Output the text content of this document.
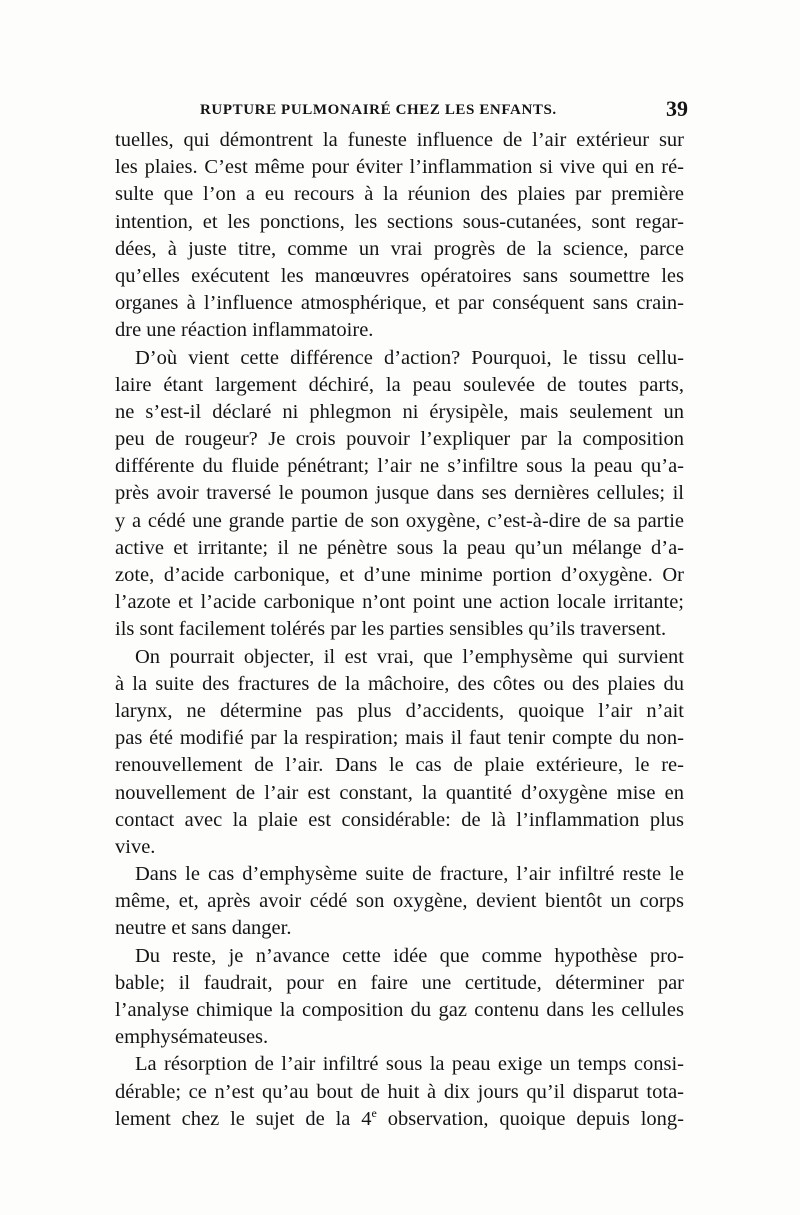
RUPTURE PULMONAIRÉ CHEZ LES ENFANTS.	39
tuelles, qui démontrent la funeste influence de l’air extérieur sur
les plaies. C’est même pour éviter l’inflammation si vive qui en ré-
sulte que l’on a eu recours à la réunion des plaies par première
intention, et les ponctions, les sections sous-cutanées, sont regar-
dées, à juste titre, comme un vrai progrès de la science, parce
qu’elles exécutent les manœuvres opératoires sans soumettre les
organes à l’influence atmosphérique, et par conséquent sans crain-
dre une réaction inflammatoire.
D’où vient cette différence d’action? Pourquoi, le tissu cellu-
laire étant largement déchiré, la peau soulevée de toutes parts,
ne s’est-il déclaré ni phlegmon ni érysipèle, mais seulement un
peu de rougeur? Je crois pouvoir l’expliquer par la composition
différente du fluide pénétrant; l’air ne s’infiltre sous la peau qu’a-
près avoir traversé le poumon jusque dans ses dernières cellules; il
y a cédé une grande partie de son oxygène, c’est-à-dire de sa partie
active et irritante; il ne pénètre sous la peau qu’un mélange d’a-
zote, d’acide carbonique, et d’une minime portion d’oxygène. Or
l’azote et l’acide carbonique n’ont point une action locale irritante;
ils sont facilement tolérés par les parties sensibles qu’ils traversent.
On pourrait objecter, il est vrai, que l’emphysème qui survient
à la suite des fractures de la mâchoire, des côtes ou des plaies du
larynx, ne détermine pas plus d’accidents, quoique l’air n’ait
pas été modifié par la respiration; mais il faut tenir compte du non-
renouvellement de l’air. Dans le cas de plaie extérieure, le re-
nouvellement de l’air est constant, la quantité d’oxygène mise en
contact avec la plaie est considérable: de là l’inflammation plus
vive.
Dans le cas d’emphysème suite de fracture, l’air infiltré reste le
même, et, après avoir cédé son oxygène, devient bientôt un corps
neutre et sans danger.
Du reste, je n’avance cette idée que comme hypothèse pro-
bable; il faudrait, pour en faire une certitude, déterminer par
l’analyse chimique la composition du gaz contenu dans les cellules
emphysémateuses.
La résorption de l’air infiltré sous la peau exige un temps consi-
dérable; ce n’est qu’au bout de huit à dix jours qu’il disparut tota-
lement chez le sujet de la 4e observation, quoique depuis long-
